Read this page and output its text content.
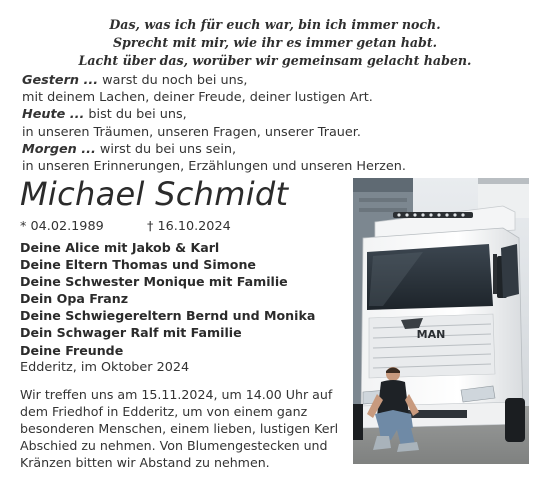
Das, was ich für euch war, bin ich immer noch.
Sprecht mit mir, wie ihr es immer getan habt.
Lacht über das, worüber wir gemeinsam gelacht haben.
Gestern ... warst du noch bei uns,
mit deinem Lachen, deiner Freude, deiner lustigen Art.
Heute ... bist du bei uns,
in unseren Träumen, unseren Fragen, unserer Trauer.
Morgen ... wirst du bei uns sein,
in unseren Erinnerungen, Erzählungen und unseren Herzen.
Michael Schmidt
* 04.02.1989	† 16.10.2024
Deine Alice mit Jakob & Karl
Deine Eltern Thomas und Simone
Deine Schwester Monique mit Familie
Dein Opa Franz
Deine Schwiegereltern Bernd und Monika
Dein Schwager Ralf mit Familie
Deine Freunde
Edderitz, im Oktober 2024
Wir treffen uns am 15.11.2024, um 14.00 Uhr auf
dem Friedhof in Edderitz, um von einem ganz
besonderen Menschen, einem lieben, lustigen Kerl
Abschied zu nehmen. Von Blumengestecken und
Kränzen bitten wir Abstand zu nehmen.
MAN
